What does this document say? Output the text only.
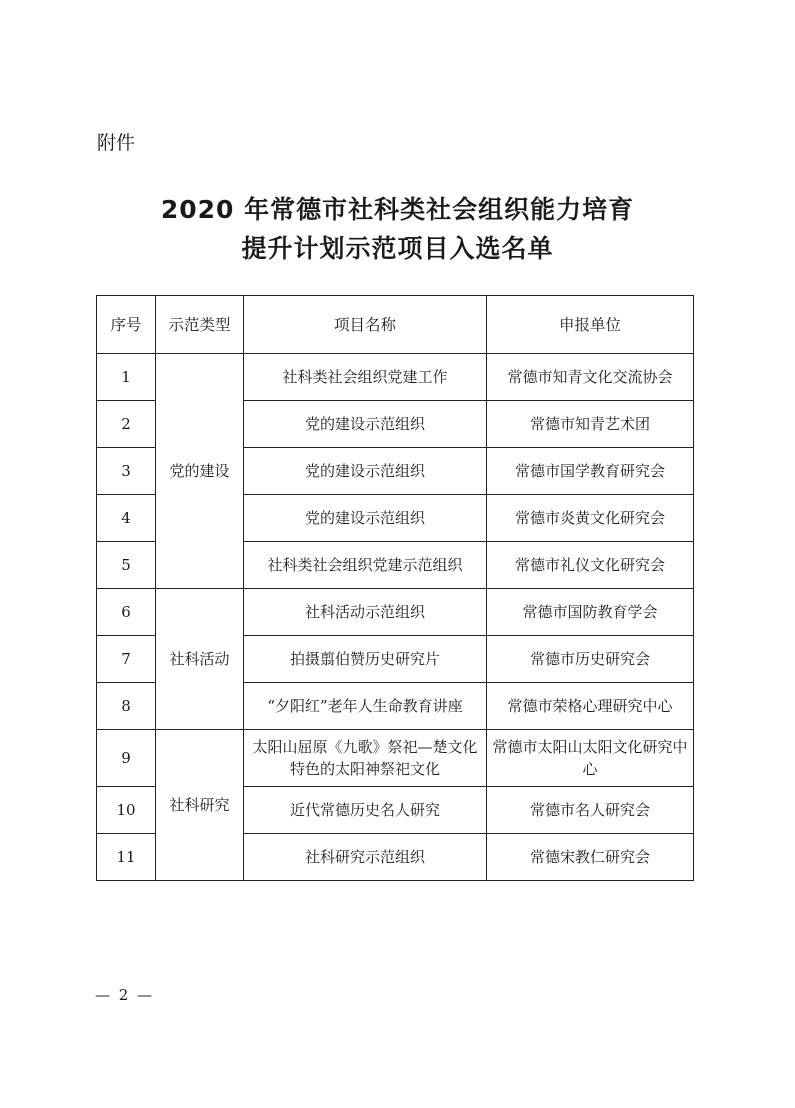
附件
2020 年常德市社科类社会组织能力培育
提升计划示范项目入选名单
序号	示范类型	项目名称	申报单位
1	党的建设	社科类社会组织党建工作	常德市知青文化交流协会
2		党的建设示范组织	常德市知青艺术团
3		党的建设示范组织	常德市国学教育研究会
4		党的建设示范组织	常德市炎黄文化研究会
5		社科类社会组织党建示范组织	常德市礼仪文化研究会
6	社科活动	社科活动示范组织	常德市国防教育学会
7		拍摄翦伯赞历史研究片	常德市历史研究会
8		“夕阳红”老年人生命教育讲座	常德市荣格心理研究中心
9	社科研究	太阳山屈原《九歌》祭祀—楚文化特色的太阳神祭祀文化	常德市太阳山太阳文化研究中心
10		近代常德历史名人研究	常德市名人研究会
11		社科研究示范组织	常德宋教仁研究会
— 2 —
